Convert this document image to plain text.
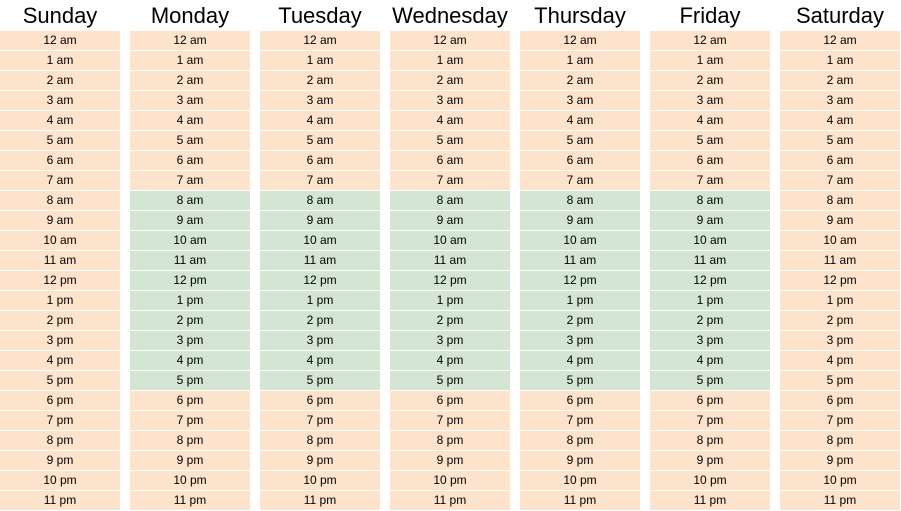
Sunday
12 am
1 am
2 am
3 am
4 am
5 am
6 am
7 am
8 am
9 am
10 am
11 am
12 pm
1 pm
2 pm
3 pm
4 pm
5 pm
6 pm
7 pm
8 pm
9 pm
10 pm
11 pm
Monday
12 am
1 am
2 am
3 am
4 am
5 am
6 am
7 am
8 am
9 am
10 am
11 am
12 pm
1 pm
2 pm
3 pm
4 pm
5 pm
6 pm
7 pm
8 pm
9 pm
10 pm
11 pm
Tuesday
12 am
1 am
2 am
3 am
4 am
5 am
6 am
7 am
8 am
9 am
10 am
11 am
12 pm
1 pm
2 pm
3 pm
4 pm
5 pm
6 pm
7 pm
8 pm
9 pm
10 pm
11 pm
Wednesday
12 am
1 am
2 am
3 am
4 am
5 am
6 am
7 am
8 am
9 am
10 am
11 am
12 pm
1 pm
2 pm
3 pm
4 pm
5 pm
6 pm
7 pm
8 pm
9 pm
10 pm
11 pm
Thursday
12 am
1 am
2 am
3 am
4 am
5 am
6 am
7 am
8 am
9 am
10 am
11 am
12 pm
1 pm
2 pm
3 pm
4 pm
5 pm
6 pm
7 pm
8 pm
9 pm
10 pm
11 pm
Friday
12 am
1 am
2 am
3 am
4 am
5 am
6 am
7 am
8 am
9 am
10 am
11 am
12 pm
1 pm
2 pm
3 pm
4 pm
5 pm
6 pm
7 pm
8 pm
9 pm
10 pm
11 pm
Saturday
12 am
1 am
2 am
3 am
4 am
5 am
6 am
7 am
8 am
9 am
10 am
11 am
12 pm
1 pm
2 pm
3 pm
4 pm
5 pm
6 pm
7 pm
8 pm
9 pm
10 pm
11 pm
